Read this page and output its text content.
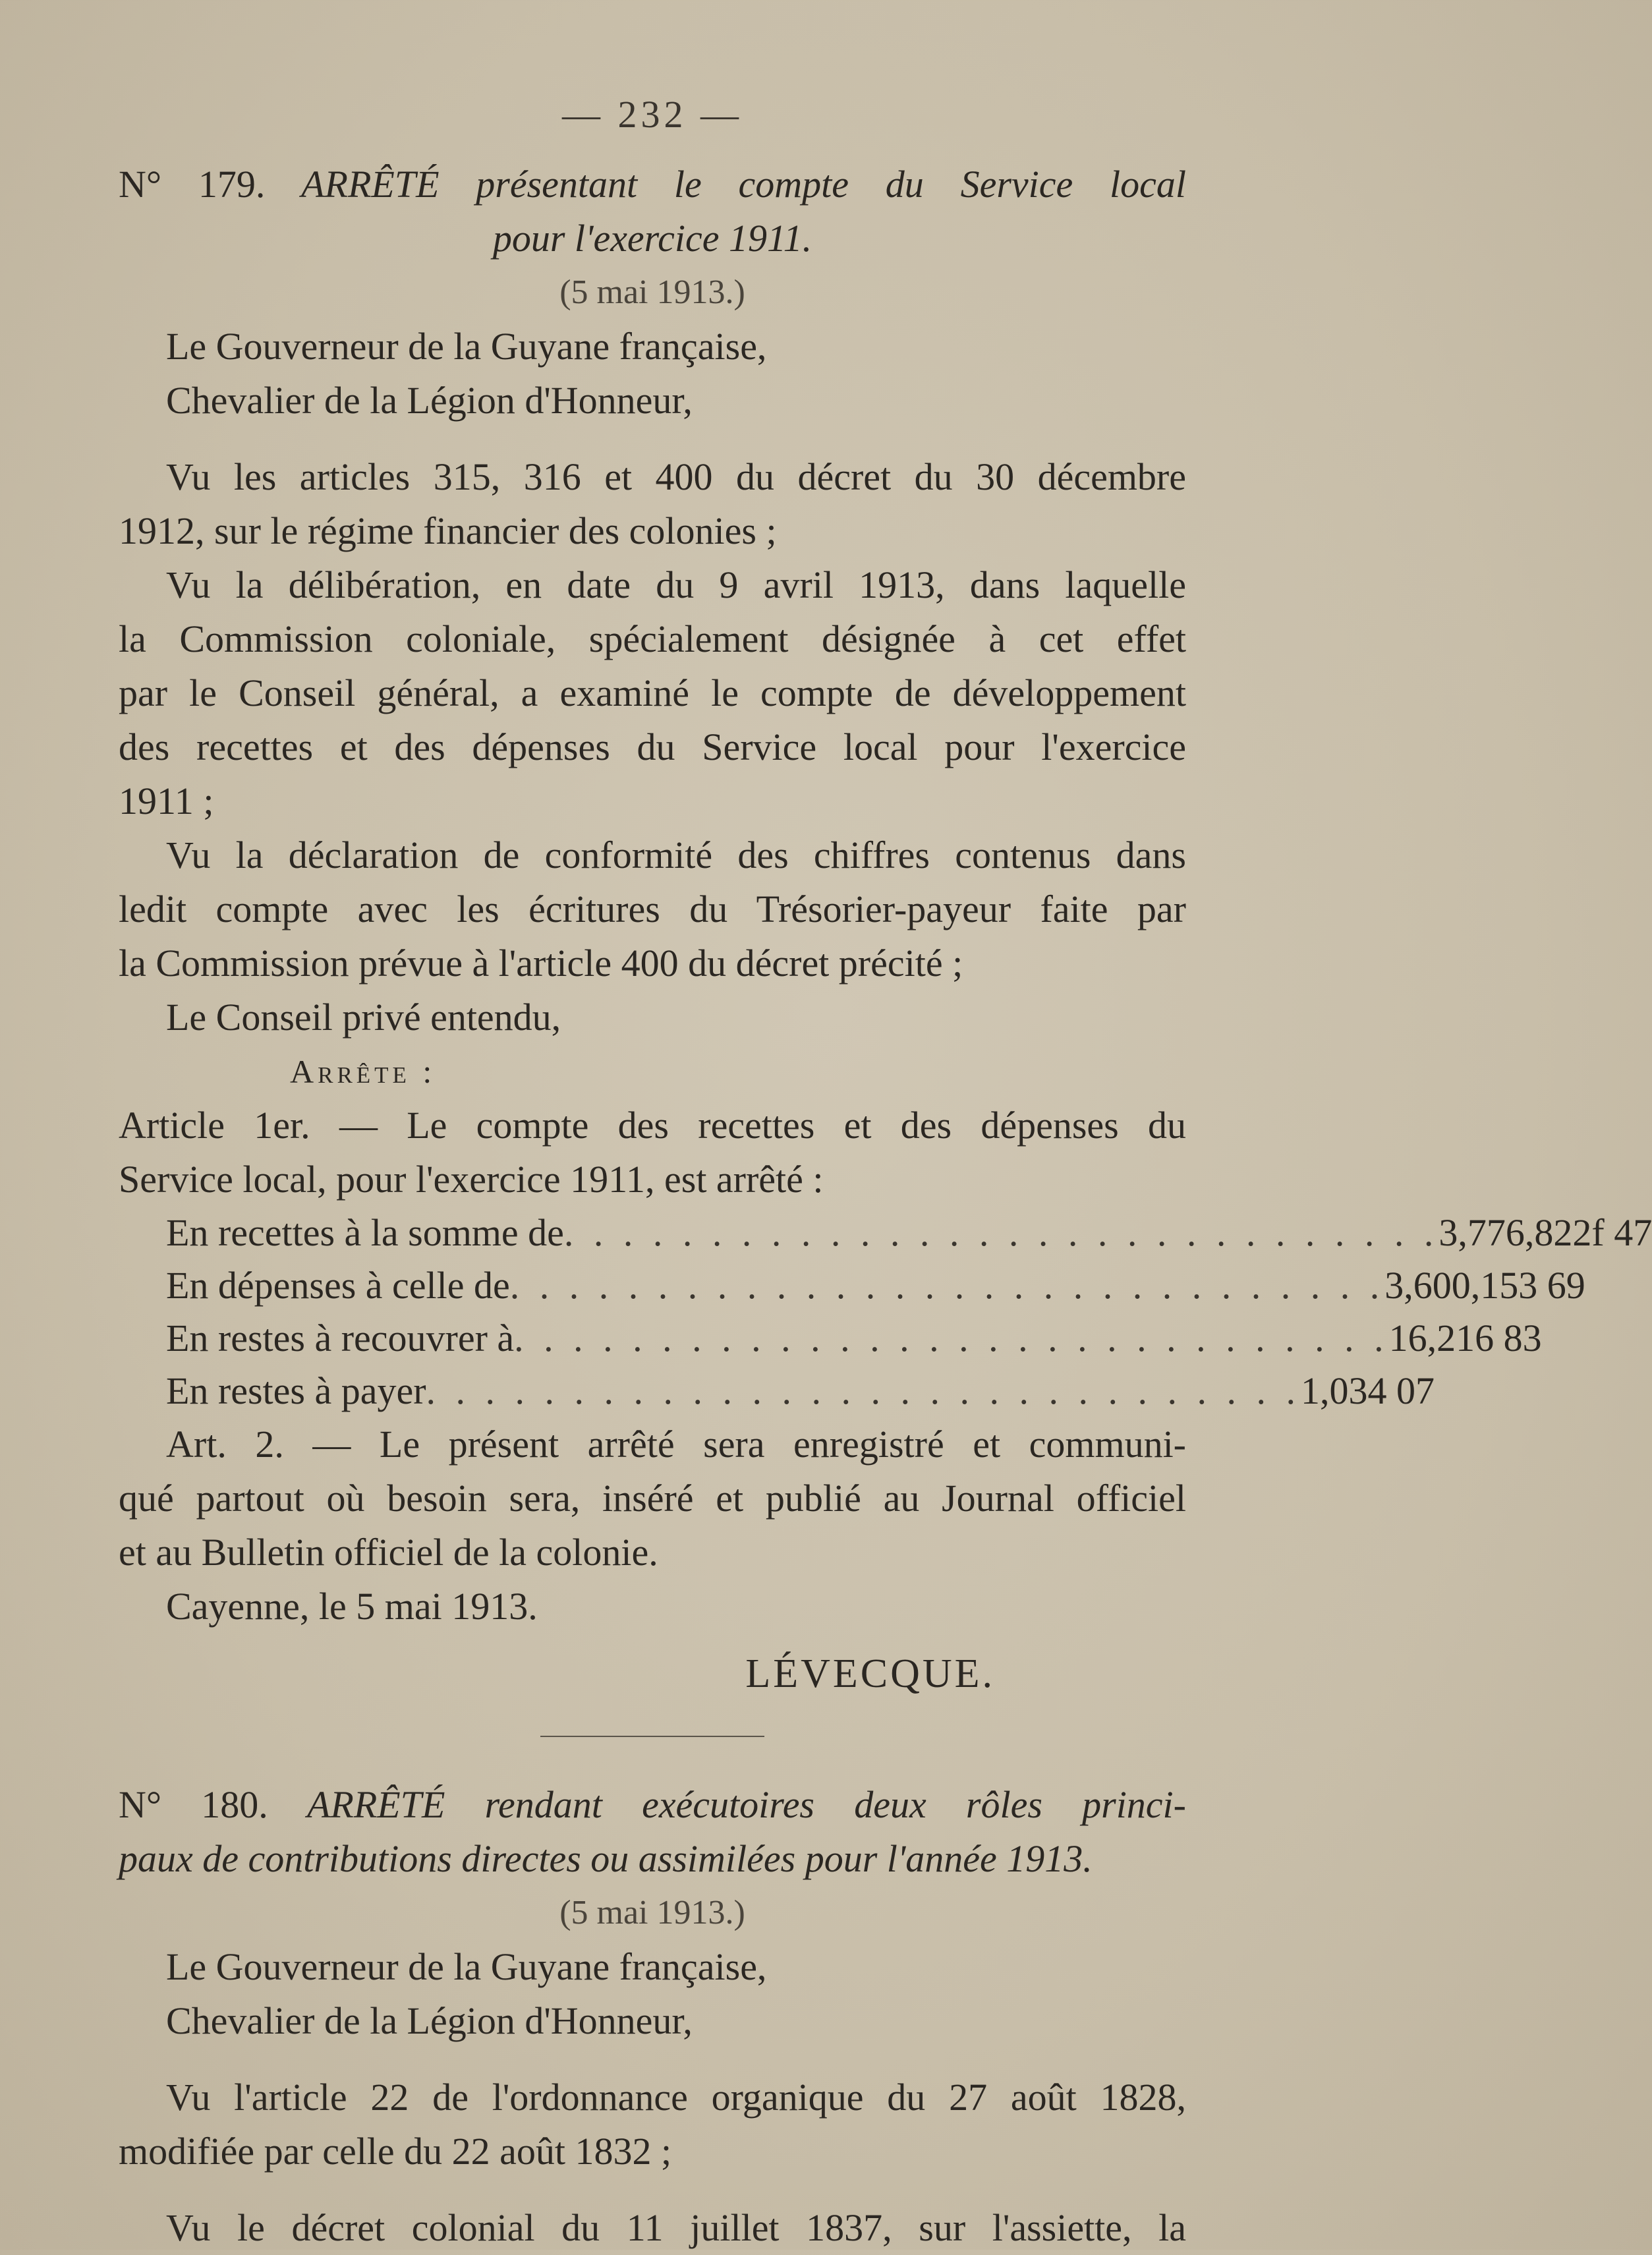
— 232 —
N° 179. ARRÊTÉ présentant le compte du Service local
pour l'exercice 1911.
(5 mai 1913.)
Le Gouverneur de la Guyane française,
Chevalier de la Légion d'Honneur,
Vu les articles 315, 316 et 400 du décret du 30 décembre
1912, sur le régime financier des colonies ;
Vu la délibération, en date du 9 avril 1913, dans laquelle
la Commission coloniale, spécialement désignée à cet effet
par le Conseil général, a examiné le compte de développement
des recettes et des dépenses du Service local pour l'exercice
1911 ;
Vu la déclaration de conformité des chiffres contenus dans
ledit compte avec les écritures du Trésorier-payeur faite par
la Commission prévue à l'article 400 du décret précité ;
Le Conseil privé entendu,
Arrête :
Article 1er. — Le compte des recettes et des dépenses du
Service local, pour l'exercice 1911, est arrêté :
En recettes à la somme de . . . . . . . . . . . . . . . . . . . . . . . . . . . . . . 3,776,822f 47
En dépenses à celle de . . . . . . . . . . . . . . . . . . . . . . . . . . . . . . 3,600,153 69
En restes à recouvrer à . . . . . . . . . . . . . . . . . . . . . . . . . . . . . . 16,216 83
En restes à payer . . . . . . . . . . . . . . . . . . . . . . . . . . . . . . 1,034 07
Art. 2. — Le présent arrêté sera enregistré et communi-
qué partout où besoin sera, inséré et publié au Journal officiel
et au Bulletin officiel de la colonie.
Cayenne, le 5 mai 1913.
LÉVECQUE.
N° 180. ARRÊTÉ rendant exécutoires deux rôles princi-
paux de contributions directes ou assimilées pour l'année 1913.
(5 mai 1913.)
Le Gouverneur de la Guyane française,
Chevalier de la Légion d'Honneur,
Vu l'article 22 de l'ordonnance organique du 27 août 1828,
modifiée par celle du 22 août 1832 ;
Vu le décret colonial du 11 juillet 1837, sur l'assiette, la
